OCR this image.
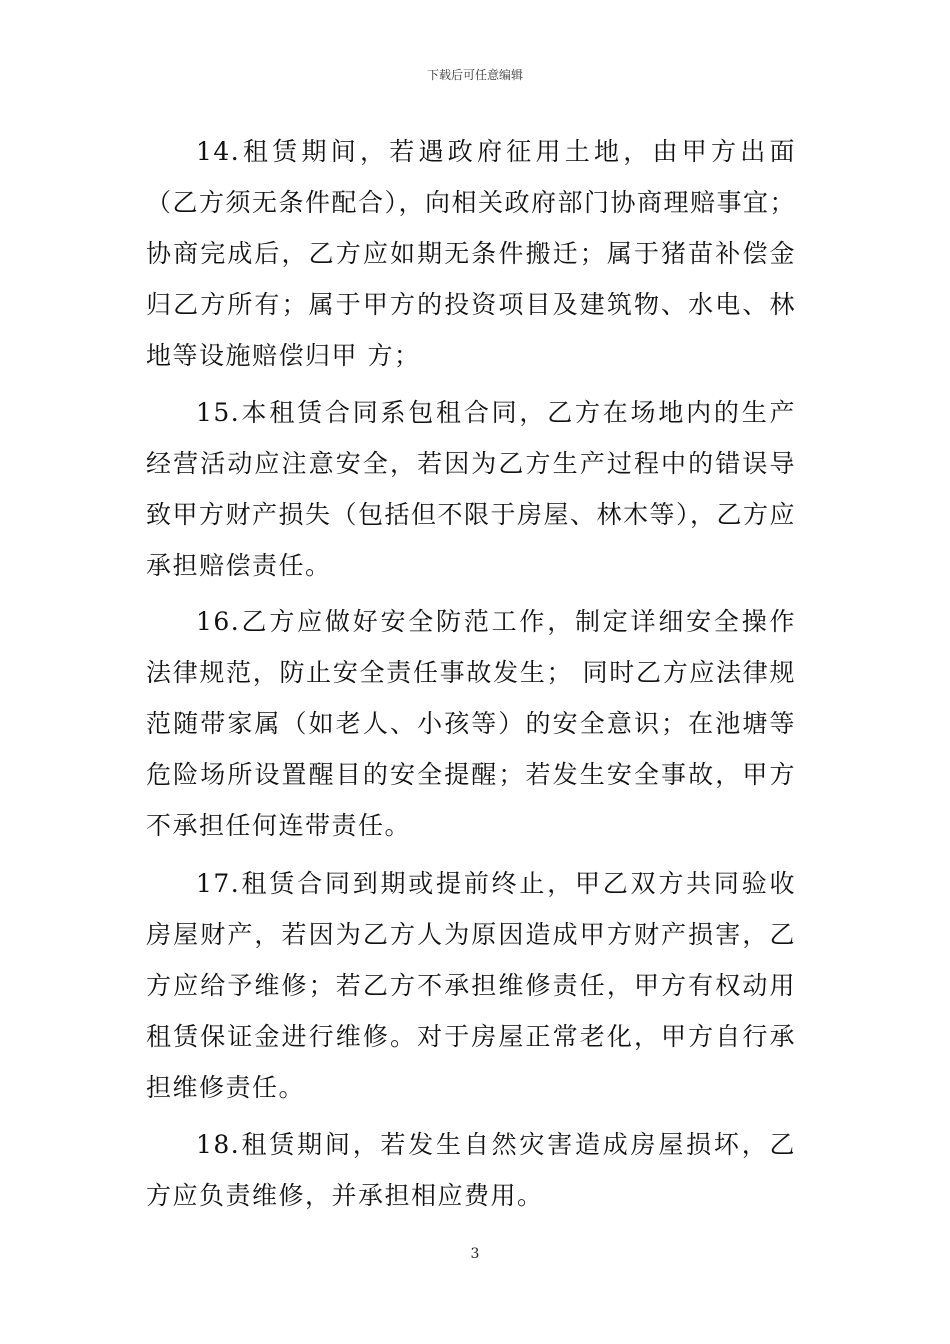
下载后可任意编辑

14.租赁期间，若遇政府征用土地，由甲方出面（乙方须无条件配合），向相关政府部门协商理赔事宜；协商完成后，乙方应如期无条件搬迁；属于猪苗补偿金归乙方所有；属于甲方的投资项目及建筑物、水电、林地等设施赔偿归甲 方；

15.本租赁合同系包租合同，乙方在场地内的生产经营活动应注意安全，若因为乙方生产过程中的错误导致甲方财产损失（包括但不限于房屋、林木等），乙方应承担赔偿责任。

16.乙方应做好安全防范工作，制定详细安全操作法律规范，防止安全责任事故发生； 同时乙方应法律规范随带家属（如老人、小孩等）的安全意识；在池塘等危险场所设置醒目的安全提醒；若发生安全事故，甲方不承担任何连带责任。

17.租赁合同到期或提前终止，甲乙双方共同验收房屋财产，若因为乙方人为原因造成甲方财产损害，乙方应给予维修；若乙方不承担维修责任，甲方有权动用租赁保证金进行维修。对于房屋正常老化，甲方自行承担维修责任。

18.租赁期间，若发生自然灾害造成房屋损坏，乙方应负责维修，并承担相应费用。

3
